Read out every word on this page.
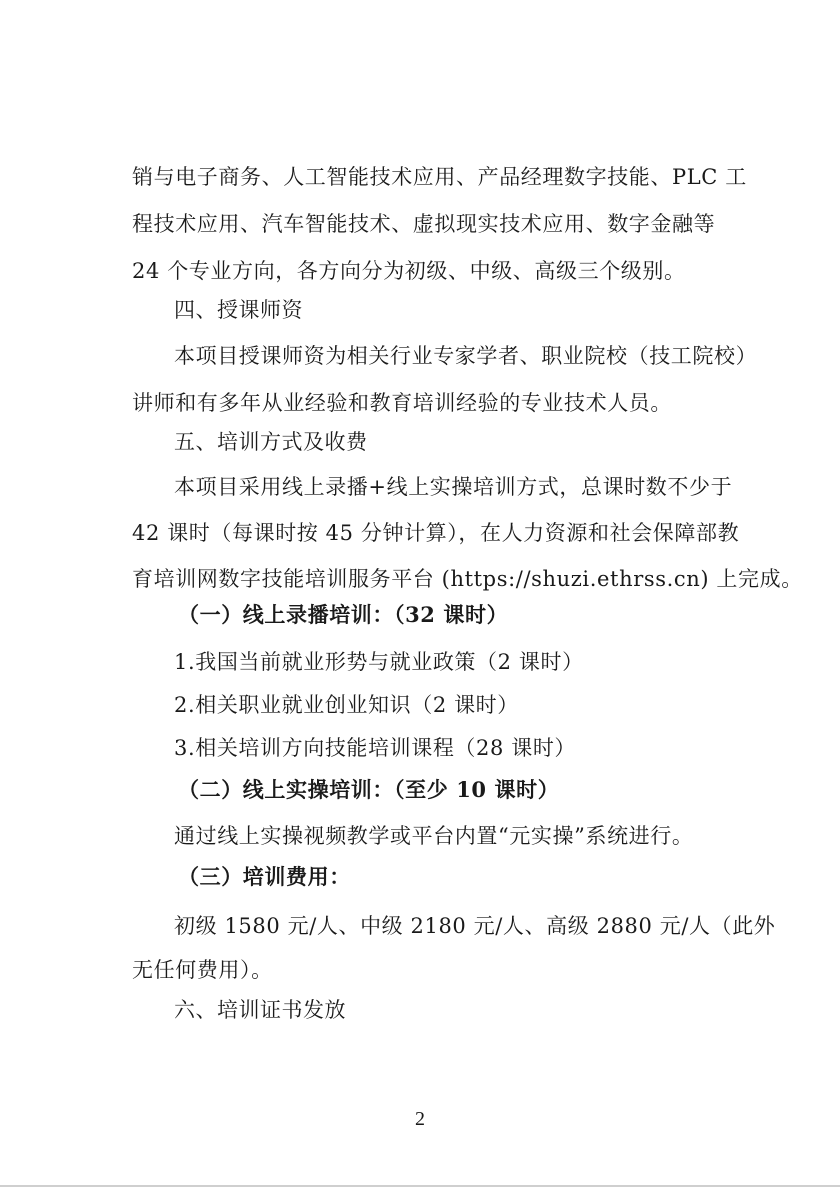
销与电子商务、人工智能技术应用、产品经理数字技能、PLC 工
程技术应用、汽车智能技术、虚拟现实技术应用、数字金融等
24 个专业方向，各方向分为初级、中级、高级三个级别。
四、授课师资
本项目授课师资为相关行业专家学者、职业院校（技工院校）
讲师和有多年从业经验和教育培训经验的专业技术人员。
五、培训方式及收费
本项目采用线上录播+线上实操培训方式，总课时数不少于
42 课时（每课时按 45 分钟计算），在人力资源和社会保障部教
育培训网数字技能培训服务平台 (https://shuzi.ethrss.cn) 上完成。
（一）线上录播培训：（32 课时）
1.我国当前就业形势与就业政策（2 课时）
2.相关职业就业创业知识（2 课时）
3.相关培训方向技能培训课程（28 课时）
（二）线上实操培训：（至少 10 课时）
通过线上实操视频教学或平台内置“元实操”系统进行。
（三）培训费用：
初级 1580 元/人、中级 2180 元/人、高级 2880 元/人（此外
无任何费用）。
六、培训证书发放
2
